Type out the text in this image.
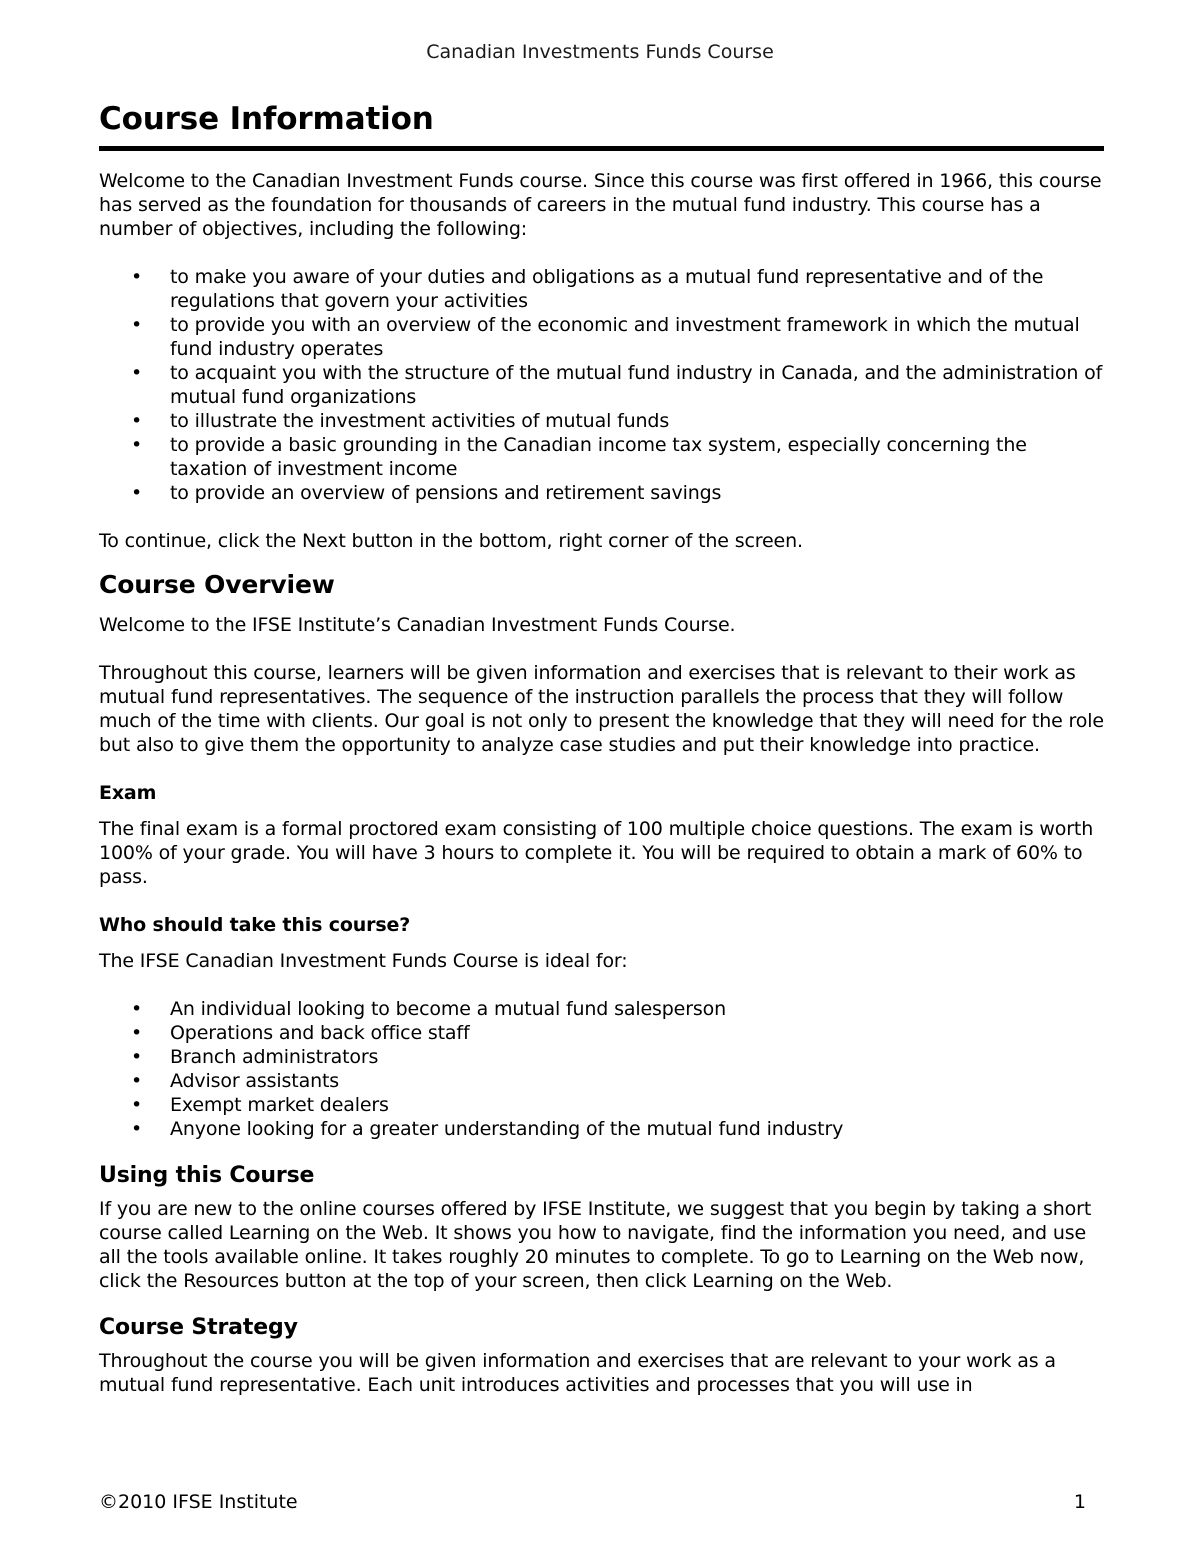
Canadian Investments Funds Course
Course Information

Welcome to the Canadian Investment Funds course. Since this course was first offered in 1966, this course has served as the foundation for thousands of careers in the mutual fund industry. This course has a number of objectives, including the following:

• to make you aware of your duties and obligations as a mutual fund representative and of the regulations that govern your activities
• to provide you with an overview of the economic and investment framework in which the mutual fund industry operates
• to acquaint you with the structure of the mutual fund industry in Canada, and the administration of mutual fund organizations
• to illustrate the investment activities of mutual funds
• to provide a basic grounding in the Canadian income tax system, especially concerning the taxation of investment income
• to provide an overview of pensions and retirement savings

To continue, click the Next button in the bottom, right corner of the screen.

Course Overview

Welcome to the IFSE Institute’s Canadian Investment Funds Course.

Throughout this course, learners will be given information and exercises that is relevant to their work as mutual fund representatives. The sequence of the instruction parallels the process that they will follow much of the time with clients. Our goal is not only to present the knowledge that they will need for the role but also to give them the opportunity to analyze case studies and put their knowledge into practice.

Exam

The final exam is a formal proctored exam consisting of 100 multiple choice questions. The exam is worth 100% of your grade. You will have 3 hours to complete it. You will be required to obtain a mark of 60% to pass.

Who should take this course?

The IFSE Canadian Investment Funds Course is ideal for:

• An individual looking to become a mutual fund salesperson
• Operations and back office staff
• Branch administrators
• Advisor assistants
• Exempt market dealers
• Anyone looking for a greater understanding of the mutual fund industry
Using this Course

If you are new to the online courses offered by IFSE Institute, we suggest that you begin by taking a short course called Learning on the Web. It shows you how to navigate, find the information you need, and use all the tools available online. It takes roughly 20 minutes to complete. To go to Learning on the Web now, click the Resources button at the top of your screen, then click Learning on the Web.

Course Strategy

Throughout the course you will be given information and exercises that are relevant to your work as a mutual fund representative. Each unit introduces activities and processes that you will use in

©2010 IFSE Institute	1
